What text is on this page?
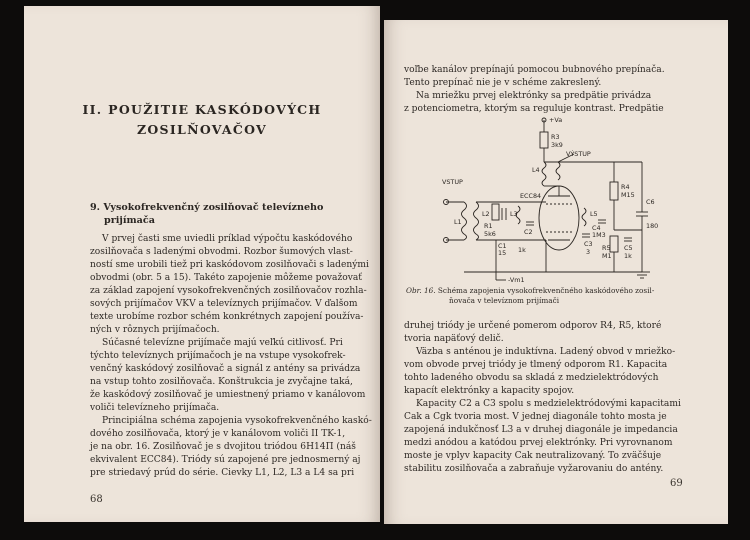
II. POUŽITIE KASKÓDOVÝCH
ZOSILŇOVAČOV
9. Vysokofrekvenčný zosilňovač televízneho
prijímača
V prvej časti sme uviedli príklad výpočtu kaskódového
zosilňovača s ladenými obvodmi. Rozbor šumových vlast-
ností sme urobili tiež pri kaskódovom zosilňovači s ladenými
obvodmi (obr. 5 a 15). Takéto zapojenie môžeme považovať
za základ zapojení vysokofrekvenčných zosilňovačov rozhla-
sových prijímačov VKV a televíznych prijímačov. V ďalšom
texte urobíme rozbor schém konkrétnych zapojení používa-
ných v rôznych prijímačoch.
Súčasné televízne prijímače majú veľkú citlivosť. Pri
týchto televíznych prijímačoch je na vstupe vysokofrek-
venčný kaskódový zosilňovač a signál z antény sa privádza
na vstup tohto zosilňovača. Konštrukcia je zvyčajne taká,
že kaskódový zosilňovač je umiestnený priamo v kanálovom
voliči televízneho prijímača.
Principiálna schéma zapojenia vysokofrekvenčného kaskó-
dového zosilňovača, ktorý je v kanálovom voliči II TK-1,
je na obr. 16. Zosilňovač je s dvojitou triódou 6H14П (náš
ekvivalent ECC84). Triódy sú zapojené pre jednosmerný aj
pre striedavý prúd do série. Cievky L1, L2, L3 a L4 sa pri
68
voľbe kanálov prepínajú pomocou bubnového prepínača.
Tento prepínač nie je v schéme zakreslený.
Na mriežku prvej elektrónky sa predpätie privádza
z potenciometra, ktorým sa reguluje kontrast. Predpätie
+Va
R3
3k9
L4
VÝSTUP
R4
M15
C6
180
ECC84
VSTUP
L1
L2
R1
5k6
C1
15
L3
C2
C3
3
L5
C4
1M3
R5
M1
C5
1k
1k
-Vm1
Obr. 16. Schéma zapojenia vysokofrekvenčného kaskódového zosil-
ňovača v televíznom prijímači
druhej triódy je určené pomerom odporov R4, R5, ktoré
tvoria napäťový delič.
Väzba s anténou je induktívna. Ladený obvod v mriežko-
vom obvode prvej triódy je tlmený odporom R1. Kapacita
tohto ladeného obvodu sa skladá z medzielektródových
kapacít elektrónky a kapacity spojov.
Kapacity C2 a C3 spolu s medzielektródovými kapacitami
Cak a Cgk tvoria most. V jednej diagonále tohto mosta je
zapojená indukčnosť L3 a v druhej diagonále je impedancia
medzi anódou a katódou prvej elektrónky. Pri vyrovnanom
moste je vplyv kapacity Cak neutralizovaný. To zväčšuje
stabilitu zosilňovača a zabraňuje vyžarovaniu do antény.
69
